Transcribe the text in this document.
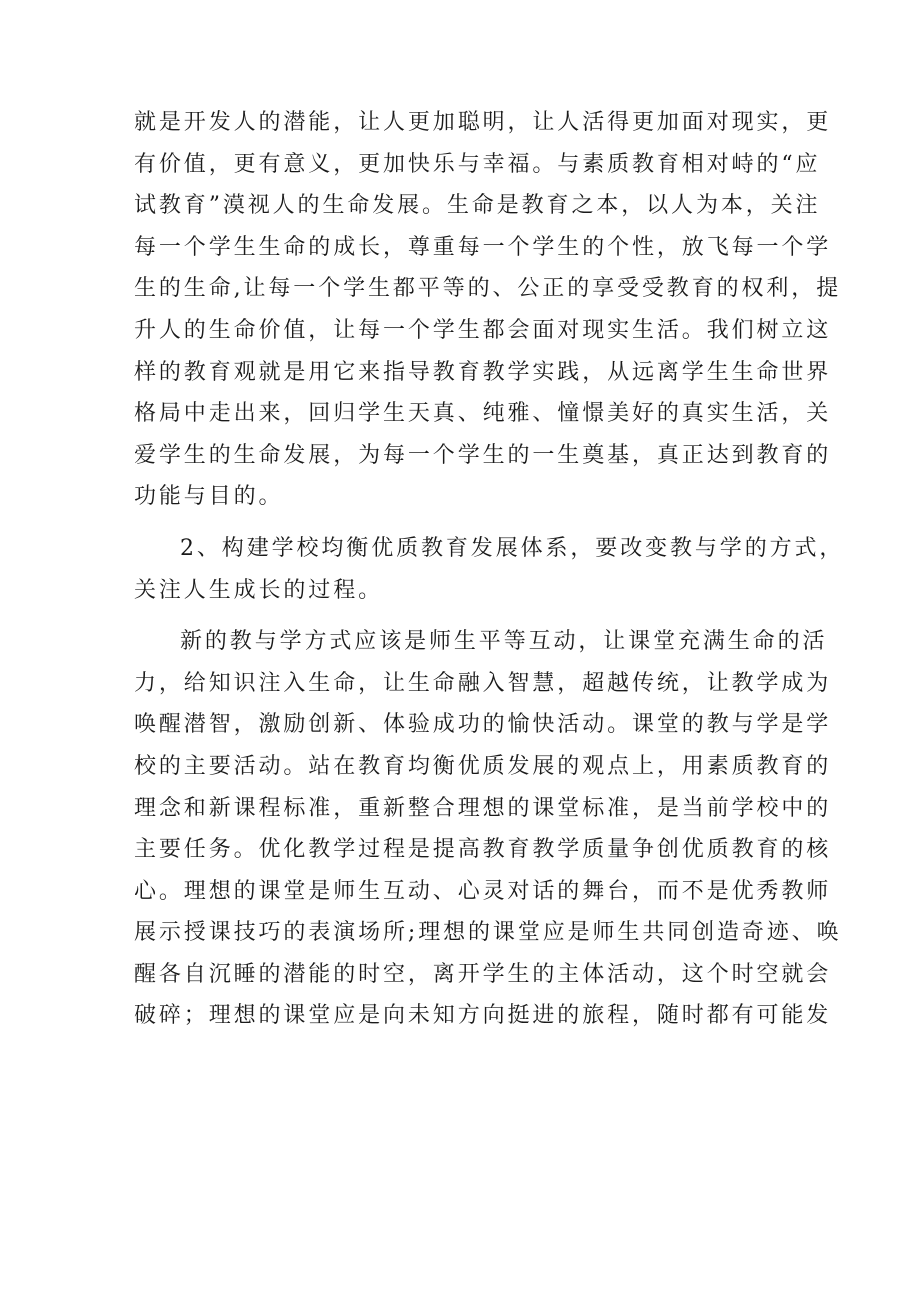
就是开发人的潜能，让人更加聪明，让人活得更加面对现实，更
有价值，更有意义，更加快乐与幸福。与素质教育相对峙的“应
试教育”漠视人的生命发展。生命是教育之本，以人为本，关注
每一个学生生命的成长，尊重每一个学生的个性，放飞每一个学
生的生命,让每一个学生都平等的、公正的享受受教育的权利，提
升人的生命价值，让每一个学生都会面对现实生活。我们树立这
样的教育观就是用它来指导教育教学实践，从远离学生生命世界
格局中走出来，回归学生天真、纯雅、憧憬美好的真实生活，关
爱学生的生命发展，为每一个学生的一生奠基，真正达到教育的
功能与目的。
2、构建学校均衡优质教育发展体系，要改变教与学的方式，
关注人生成长的过程。
新的教与学方式应该是师生平等互动，让课堂充满生命的活
力，给知识注入生命，让生命融入智慧，超越传统，让教学成为
唤醒潜智，激励创新、体验成功的愉快活动。课堂的教与学是学
校的主要活动。站在教育均衡优质发展的观点上，用素质教育的
理念和新课程标准，重新整合理想的课堂标准，是当前学校中的
主要任务。优化教学过程是提高教育教学质量争创优质教育的核
心。理想的课堂是师生互动、心灵对话的舞台，而不是优秀教师
展示授课技巧的表演场所;理想的课堂应是师生共同创造奇迹、唤
醒各自沉睡的潜能的时空，离开学生的主体活动，这个时空就会
破碎；理想的课堂应是向未知方向挺进的旅程，随时都有可能发
